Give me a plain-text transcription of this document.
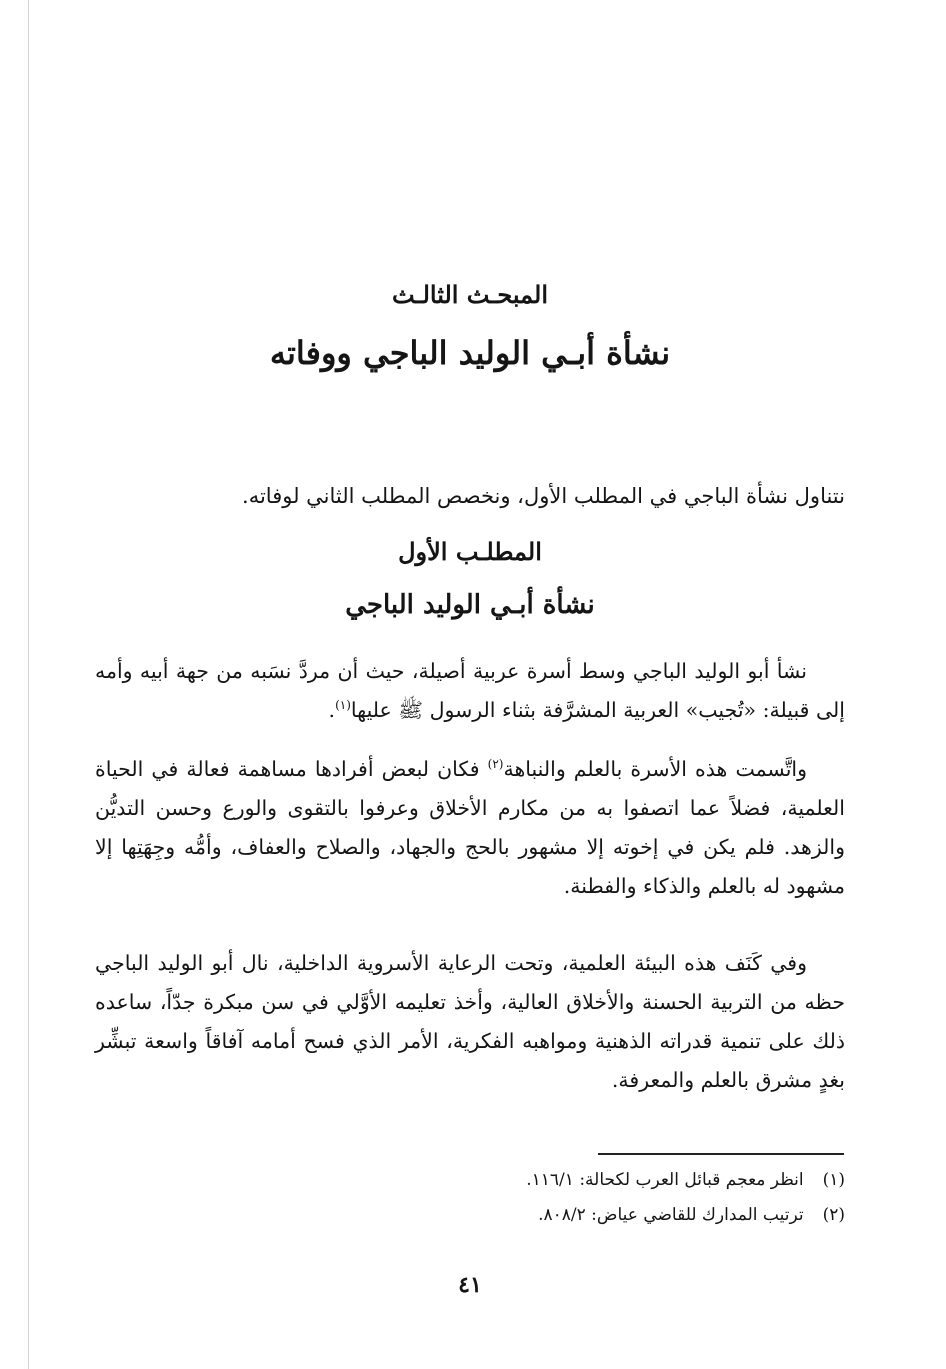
المبحـث الثالـث
نشأة أبـي الوليد الباجي ووفاته
نتناول نشأة الباجي في المطلب الأول، ونخصص المطلب الثاني لوفاته.
المطلـب الأول
نشأة أبـي الوليد الباجي
نشأ أبو الوليد الباجي وسط أسرة عربية أصيلة، حيث أن مردَّ نسَبه من جهة أبيه وأمه إلى قبيلة: «تُجيب» العربية المشرَّفة بثناء الرسول ﷺ عليها$^{(١)}$.
واتَّسمت هذه الأسرة بالعلم والنباهة$^{(٢)}$ فكان لبعض أفرادها مساهمة فعالة في الحياة العلمية، فضلاً عما اتصفوا به من مكارم الأخلاق وعرفوا بالتقوى والورع وحسن التديُّن والزهد. فلم يكن في إخوته إلا مشهور بالحج والجهاد، والصلاح والعفاف، وأمُّه وجِهَتِها إلا مشهود له بالعلم والذكاء والفطنة.
وفي كَنَف هذه البيئة العلمية، وتحت الرعاية الأسروية الداخلية، نال أبو الوليد الباجي حظه من التربية الحسنة والأخلاق العالية، وأخذ تعليمه الأوَّلي في سن مبكرة جدّاً، ساعده ذلك على تنمية قدراته الذهنية ومواهبه الفكرية، الأمر الذي فسح أمامه آفاقاً واسعة تبشِّر بغدٍ مشرق بالعلم والمعرفة.
(١) انظر معجم قبائل العرب لكحالة: ١١٦/١.
(٢) ترتيب المدارك للقاضي عياض: ٨٠٨/٢.
٤١
